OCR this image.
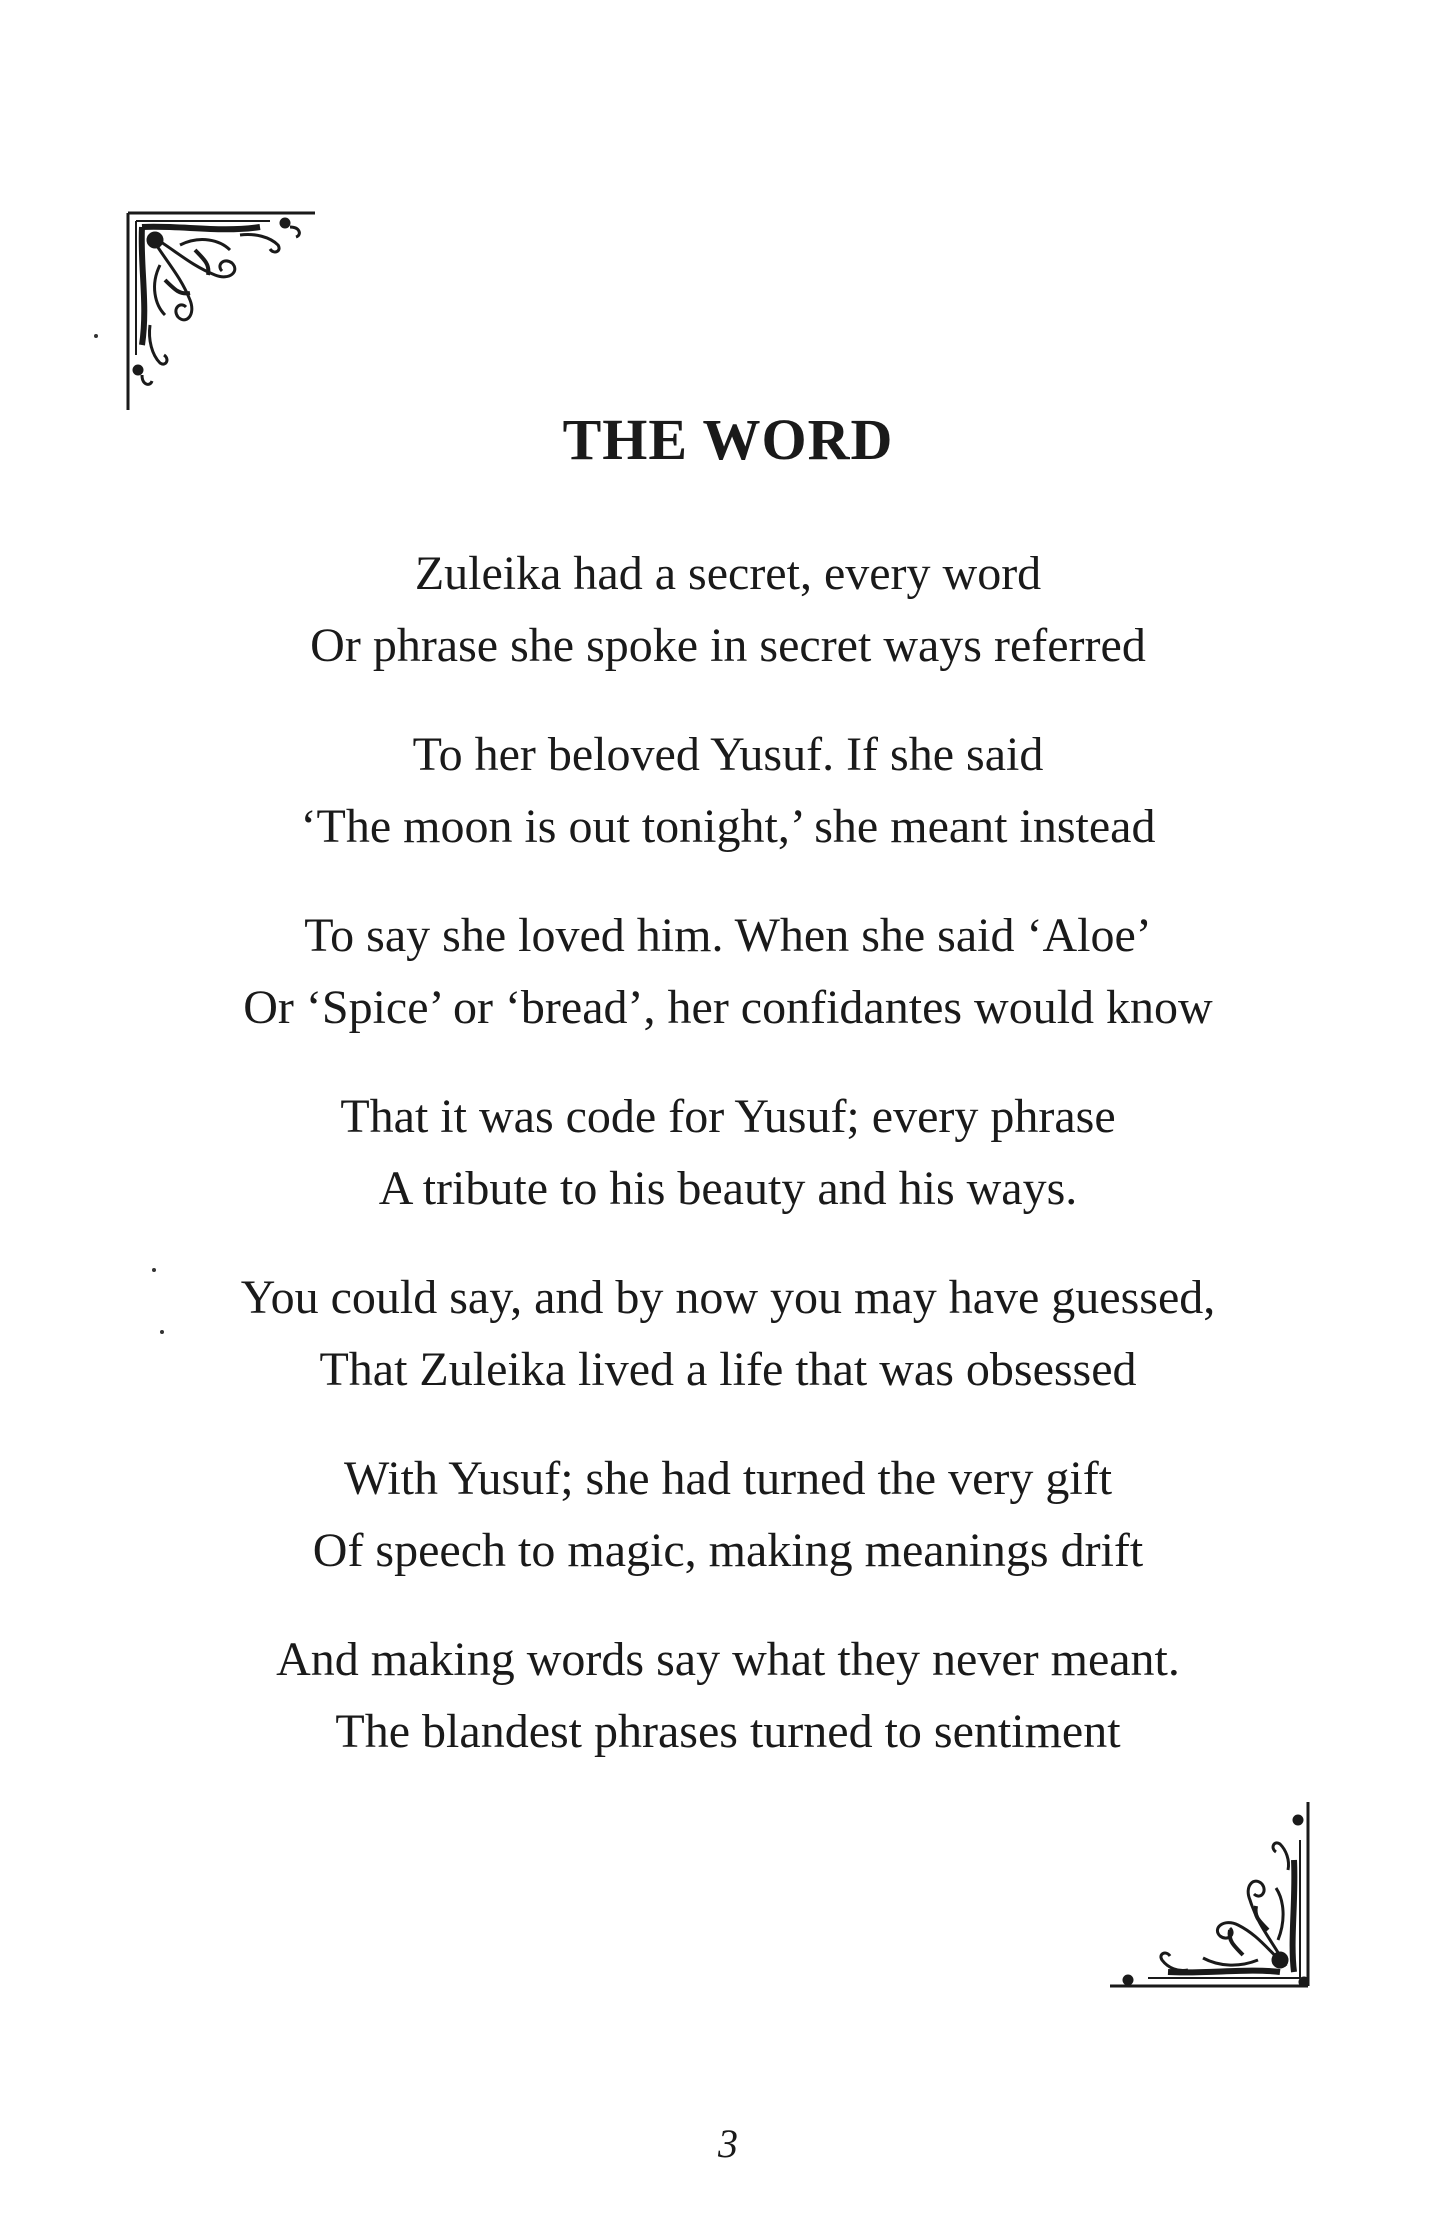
THE WORD
Zuleika had a secret, every word
Or phrase she spoke in secret ways referred
To her beloved Yusuf. If she said
‘The moon is out tonight,’ she meant instead
To say she loved him. When she said ‘Aloe’
Or ‘Spice’ or ‘bread’, her confidantes would know
That it was code for Yusuf; every phrase
A tribute to his beauty and his ways.
You could say, and by now you may have guessed,
That Zuleika lived a life that was obsessed
With Yusuf; she had turned the very gift
Of speech to magic, making meanings drift
And making words say what they never meant.
The blandest phrases turned to sentiment
3
